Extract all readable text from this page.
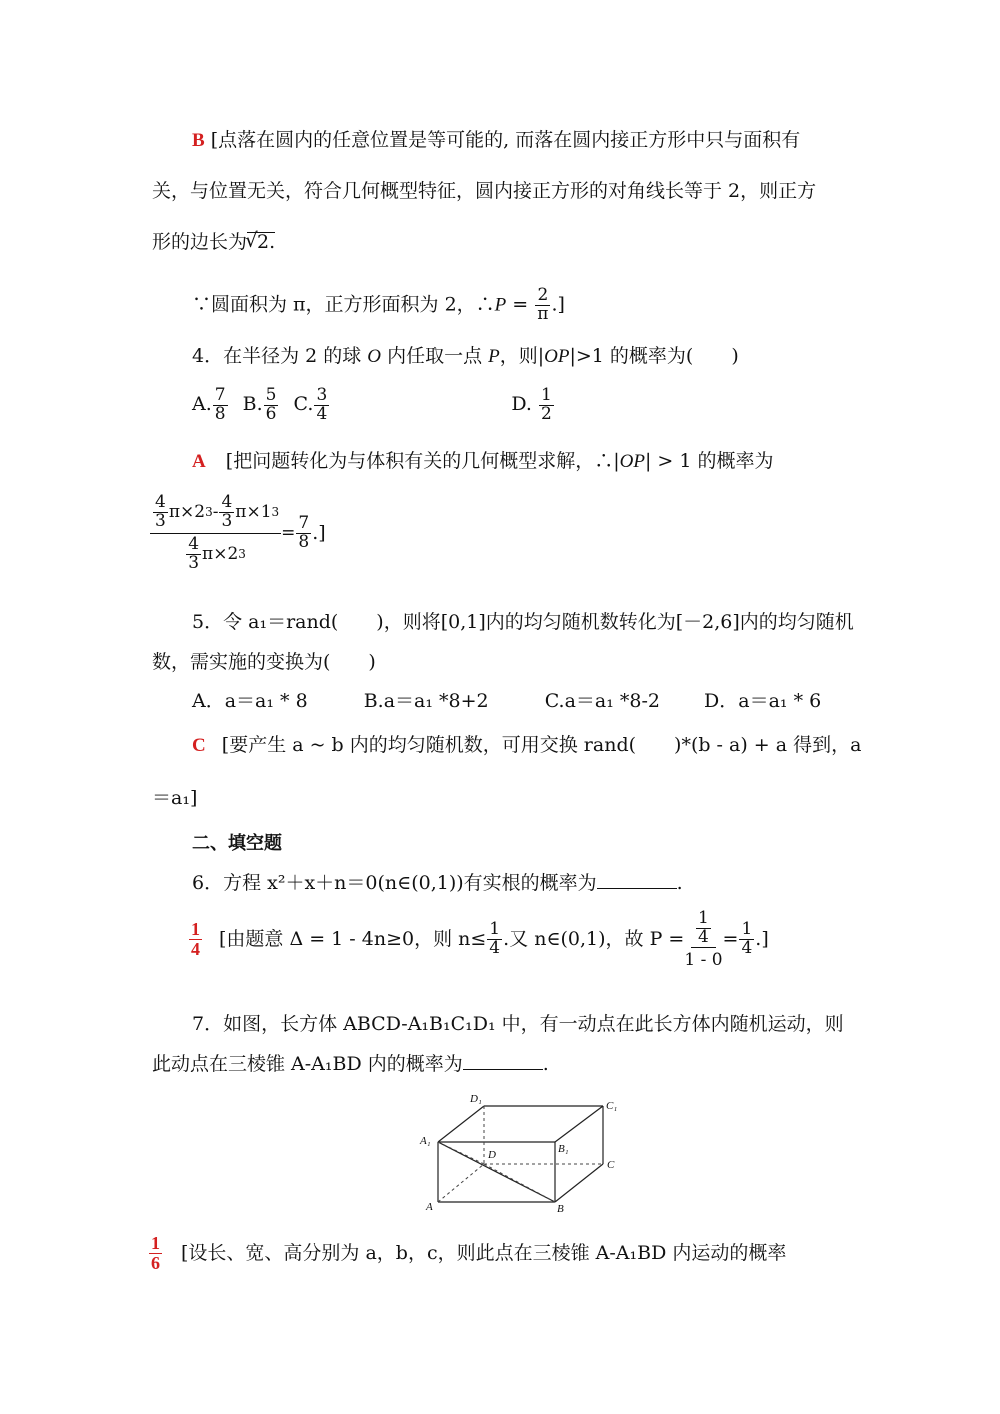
B [点落在圆内的任意位置是等可能的, 而落在圆内接正方形中只与面积有
关，与位置无关，符合几何概型特征，圆内接正方形的对角线长等于 2，则正方
形的边长为√ 2.
∵圆面积为 π，正方形面积为 2，∴P = $\frac{2}{\pi}$ .]
4．在半径为 2 的球 O 内任取一点 P，则|OP|>1 的概率为(　　)
A. $\frac{7}{8} B$. $\frac{5}{6} C$. $\frac{3}{4}$	D. $\frac{1}{2}$
A [把问题转化为与体积有关的几何概型求解，∴|OP| > 1 的概率为
$\frac{\frac{4}{3} \pi\times 2 3 - \frac{4}{3} \pi\times 1 3}{\frac{4}{3} \pi\times 2 3} = \frac{7}{8}$ .]
5．令 a₁＝rand(　　)，则将[0,1]内的均匀随机数转化为[－2,6]内的均匀随机
数，需实施的变换为(　　)
A．a＝a₁ * 8	B.a＝a₁ *8+2	C.a＝a₁ *8-2 D．a＝a₁ * 6
C [要产生 a ~ b 内的均匀随机数，可用交换 rand(　　)*(b - a) + a 得到，a
＝a₁]
二、填空题
6．方程 x²＋x＋n＝0(n∈(0,1))有实根的概率为	.
$\frac{1}{4}$ [由题意 Δ = 1 - 4n≥0，则 $n\le \frac{1}{4}$ .又 n∈(0,1)，故 $P = \frac{\frac{1}{4}}{1 - 0} = \frac{1}{4}$ .]
7．如图，长方体 ABCD-A₁B₁C₁D₁ 中，有一动点在此长方体内随机运动，则
此动点在三棱锥 A-A₁BD 内的概率为	.
D₁
C₁
A₁
B₁
D
C
A	B
$\frac{1}{6}$ [设长、宽、高分别为 a，b，c，则此点在三棱锥 A-A₁BD 内运动的概率
